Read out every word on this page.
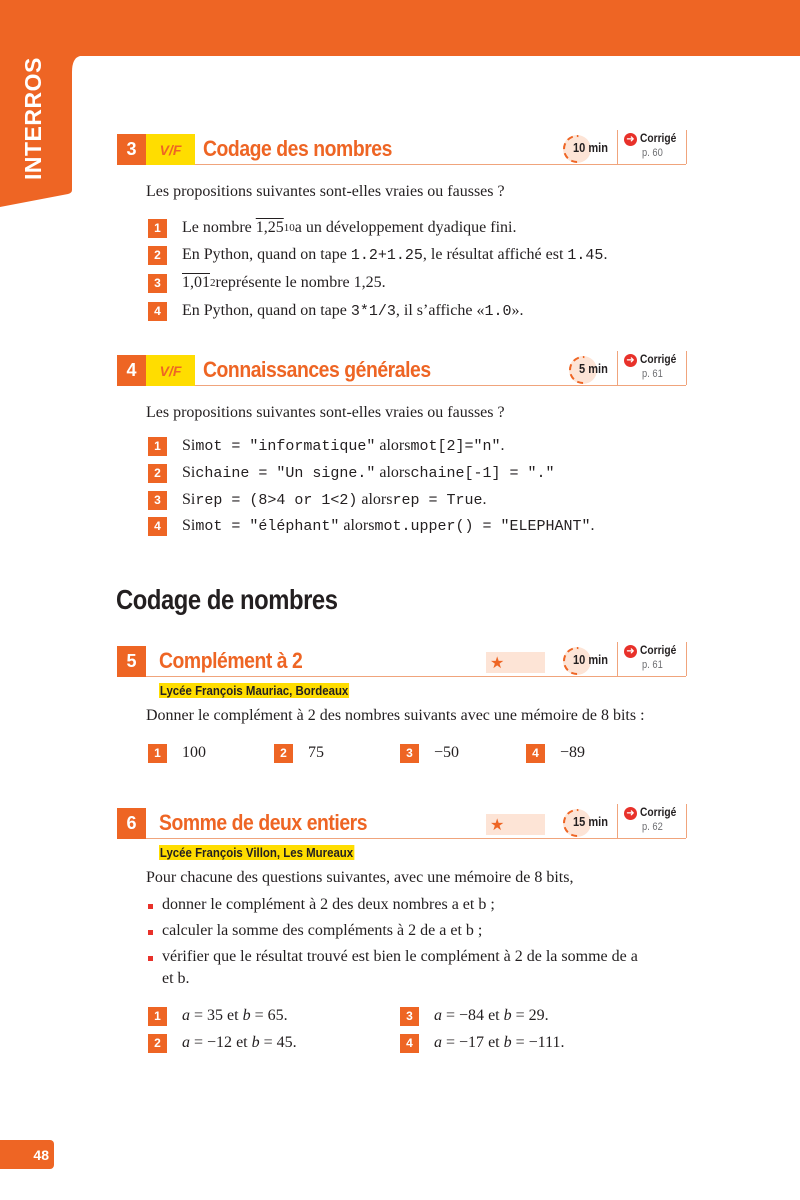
INTERROS	3	V/F Codage des nombres	10 min
➜ Corrigé
p. 60
Les propositions suivantes sont-elles vraies ou fausses ?
1	Le nombre
1,25 10 a un développement dyadique fini.
2	En Python, quand on tape
1.2+1.25 , le résultat affiché est
1.45 .
3	1,01 2 représente le nombre 1,25.
4	En Python, quand on tape
3*1/3 , il s’affiche « 1.0 ».
4	V/F Connaissances générales	5 min
➜ Corrigé
p. 61
Les propositions suivantes sont-elles vraies ou fausses ?
1	Si mot = "informatique"
alors mot[2]="n" .
2	Si chaine = "Un signe."
alors chaine[-1] = "."
3	Si rep = (8>4 or 1<2)
alors rep = True .
4	Si mot = "éléphant"
alors mot.upper() = "ELEPHANT" .
Codage de nombres
5	Complément à 2	★	10 min
➜ Corrigé
p. 61
Lycée François Mauriac, Bordeaux
Donner le complément à 2 des nombres suivants avec une mémoire de 8 bits :
1	100	2	75	3	−50	4	−89
6	Somme de deux entiers	★	15 min
➜ Corrigé
p. 62
Lycée François Villon, Les Mureaux
Pour chacune des questions suivantes, avec une mémoire de 8 bits,
donner le complément à 2 des deux nombres a et b ;
calculer la somme des compléments à 2 de a et b ;
vérifier que le résultat trouvé est bien le complément à 2 de la somme de a
et b.
1	a = 35
et
b = 65 .
2	a = −12
et
b = 45 .
3	a = −84
et
b = 29 .
4	a = −17
et
b = −111 .
48
